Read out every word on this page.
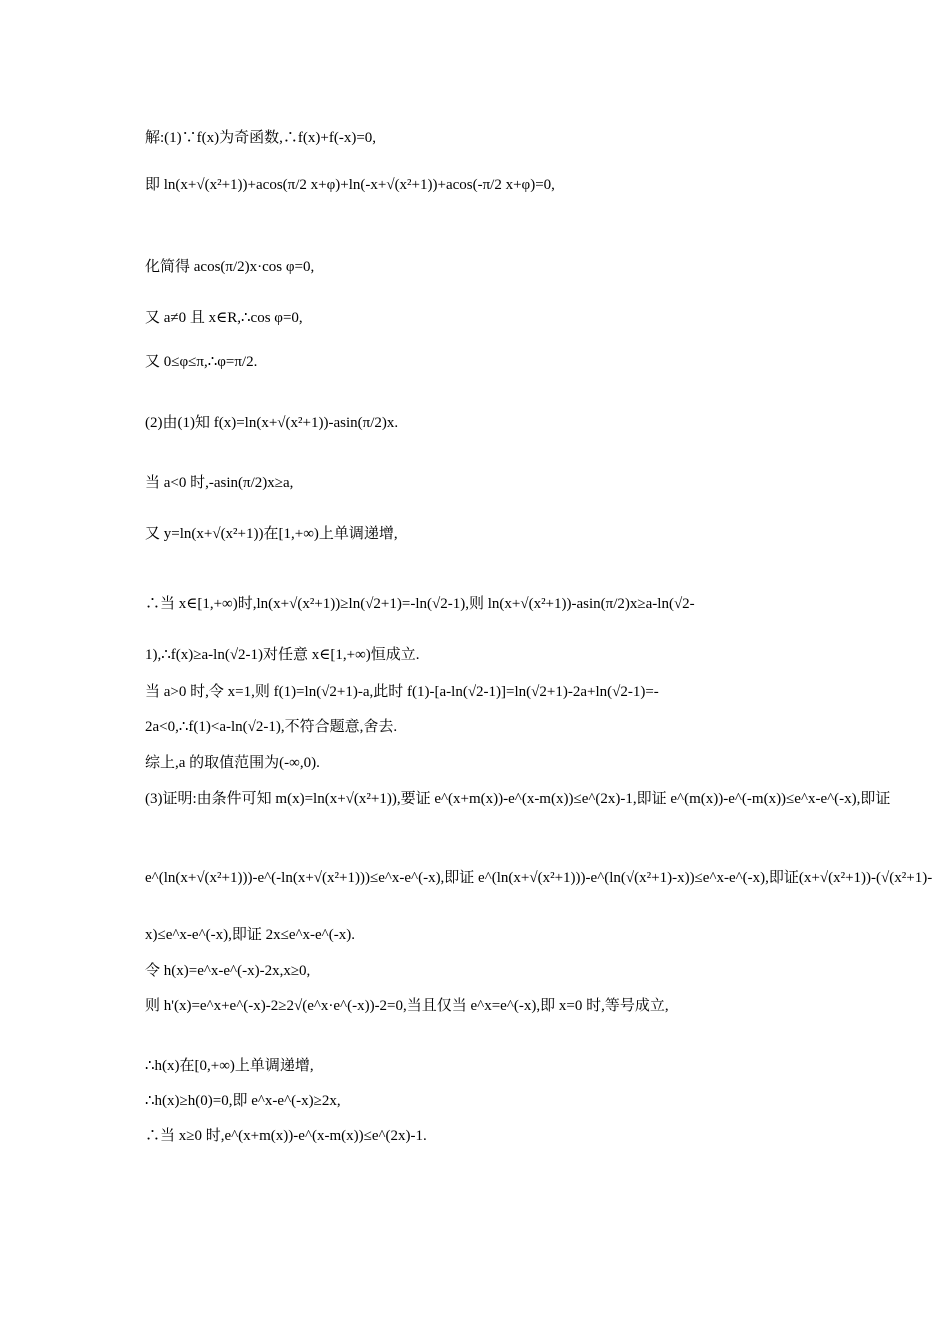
解:(1)∵f(x)为奇函数,∴f(x)+f(-x)=0,
即 ln(x+√(x²+1))+acos(π/2 x+φ)+ln(-x+√(x²+1))+acos(-π/2 x+φ)=0,
化简得 acos(π/2)x·cos φ=0,
又 a≠0 且 x∈R,∴cos φ=0,
又 0≤φ≤π,∴φ=π/2.
(2)由(1)知 f(x)=ln(x+√(x²+1))-asin(π/2)x.
当 a<0 时,-asin(π/2)x≥a,
又 y=ln(x+√(x²+1))在[1,+∞)上单调递增,
∴当 x∈[1,+∞)时,ln(x+√(x²+1))≥ln(√2+1)=-ln(√2-1),则 ln(x+√(x²+1))-asin(π/2)x≥a-ln(√2-
1),∴f(x)≥a-ln(√2-1)对任意 x∈[1,+∞)恒成立.
当 a>0 时,令 x=1,则 f(1)=ln(√2+1)-a,此时 f(1)-[a-ln(√2-1)]=ln(√2+1)-2a+ln(√2-1)=-
2a<0,∴f(1)<a-ln(√2-1),不符合题意,舍去.
综上,a 的取值范围为(-∞,0).
(3)证明:由条件可知 m(x)=ln(x+√(x²+1)),要证 e^(x+m(x))-e^(x-m(x))≤e^(2x)-1,即证 e^(m(x))-e^(-m(x))≤e^x-e^(-x),即证
e^(ln(x+√(x²+1)))-e^(-ln(x+√(x²+1)))≤e^x-e^(-x),即证 e^(ln(x+√(x²+1)))-e^(ln(√(x²+1)-x))≤e^x-e^(-x),即证(x+√(x²+1))-(√(x²+1)-
x)≤e^x-e^(-x),即证 2x≤e^x-e^(-x).
令 h(x)=e^x-e^(-x)-2x,x≥0,
则 h'(x)=e^x+e^(-x)-2≥2√(e^x·e^(-x))-2=0,当且仅当 e^x=e^(-x),即 x=0 时,等号成立,
∴h(x)在[0,+∞)上单调递增,
∴h(x)≥h(0)=0,即 e^x-e^(-x)≥2x,
∴当 x≥0 时,e^(x+m(x))-e^(x-m(x))≤e^(2x)-1.
